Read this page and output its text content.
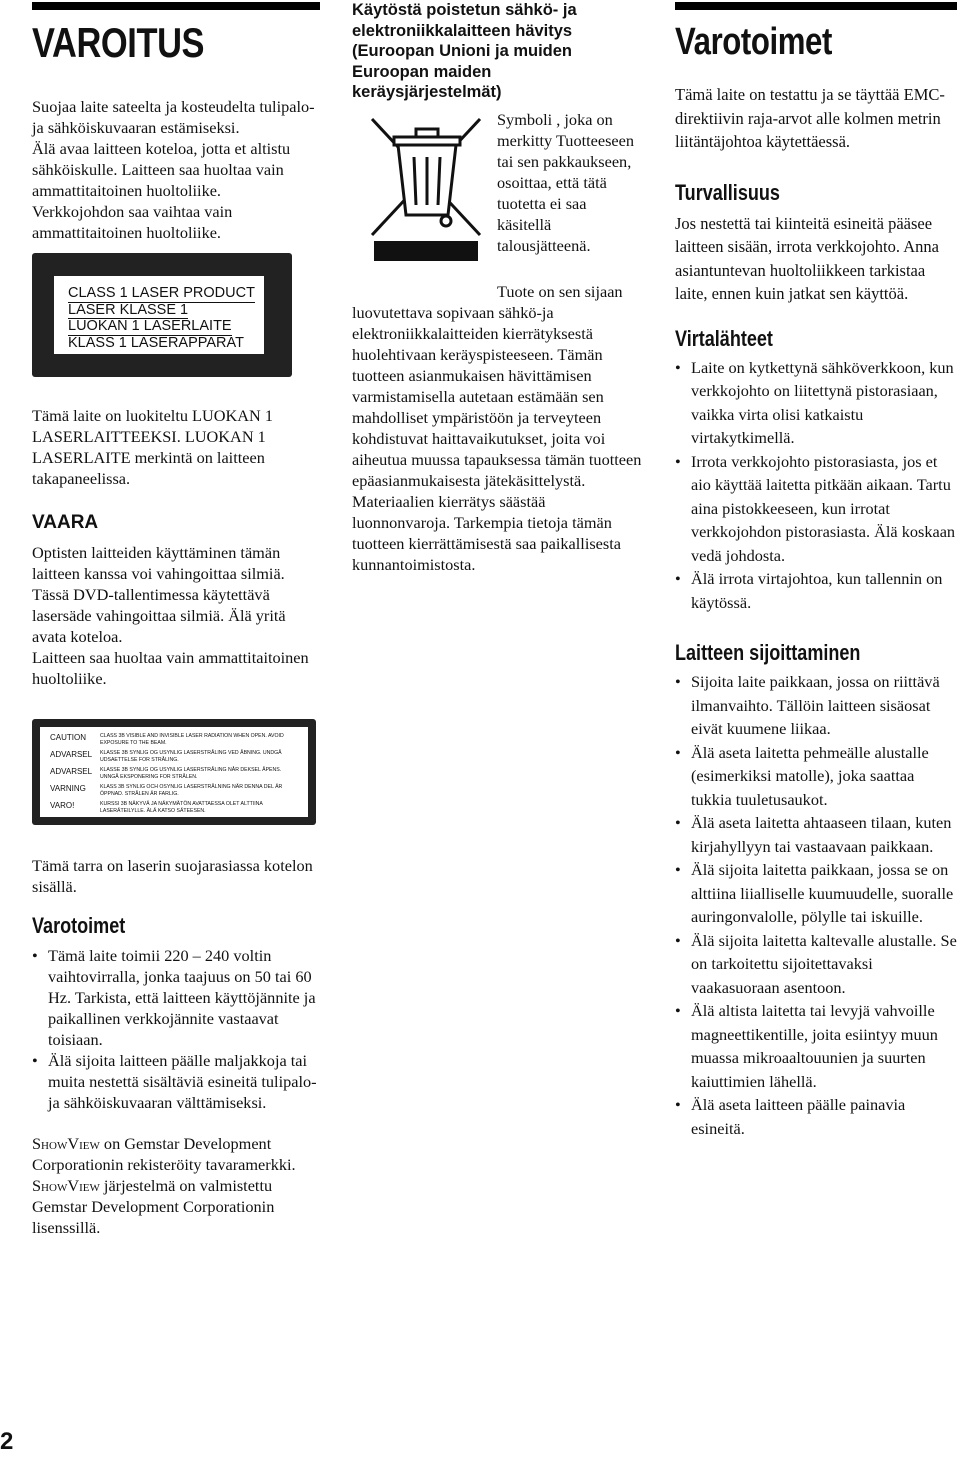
VAROITUS

Suojaa laite sateelta ja kosteudelta tulipalo- ja sähköiskuvaaran estämiseksi.

Älä avaa laitteen koteloa, jotta et altistu sähköiskulle. Laitteen saa huoltaa vain ammattitaitoinen huoltoliike.

Verkkojohdon saa vaihtaa vain ammattitaitoinen huoltoliike.

CLASS 1 LASER PRODUCT
LASER KLASSE 1
LUOKAN 1 LASERLAITE
KLASS 1 LASERAPPARAT

Tämä laite on luokiteltu LUOKAN 1 LASERLAITTEEKSI. LUOKAN 1 LASERLAITE merkintä on laitteen takapaneelissa.

VAARA

Optisten laitteiden käyttäminen tämän laitteen kanssa voi vahingoittaa silmiä. Tässä DVD-tallentimessa käytettävä lasersäde vahingoittaa silmiä. Älä yritä avata koteloa.

Laitteen saa huoltaa vain ammattitaitoinen huoltoliike.

CAUTION	CLASS 3B VISIBLE AND INVISIBLE LASER RADIATION WHEN OPEN. AVOID EXPOSURE TO THE BEAM.
ADVARSEL KLASSE 3B SYNLIG OG USYNLIG LASERSTRÅLING VED ÅBNING. UNDGÅ UDSAETTELSE FOR STRÅLING.
ADVARSEL KLASSE 3B SYNLIG OG USYNLIG LASERSTRÅLING NÅR DEKSEL ÅPENS. UNNGÅ EKSPONERING FOR STRÅLEN.
VARNING	KLASS 3B SYNLIG OCH OSYNLIG LASERSTRÅLNING NÄR DENNA DEL ÄR ÖPPNAD. STRÅLEN ÄR FARLIG.
VARO!	KURSSI 3B NÄKYVÄ JA NÄKYMÄTÖN AVATTAESSA OLET ALTTIINA LASERÄTEILYLLE. ÄLÄ KATSO SÄTEESEN.

Tämä tarra on laserin suojarasiassa kotelon sisällä.

Varotoimet
• Tämä laite toimii 220 – 240 voltin vaihtovirralla, jonka taajuus on 50 tai 60 Hz. Tarkista, että laitteen käyttöjännite ja paikallinen verkkojännite vastaavat toisiaan.
• Älä sijoita laitteen päälle maljakkoja tai muita nestettä sisältäviä esineitä tulipalo- ja sähköiskuvaaran välttämiseksi.

ShowView on Gemstar Development Corporationin rekisteröity tavaramerkki. ShowView järjestelmä on valmistettu Gemstar Development Corporationin lisenssillä.

Käytöstä poistetun sähkö- ja elektroniikkalaitteen hävitys (Euroopan Unioni ja muiden Euroopan maiden keräysjärjestelmät)

Symboli , joka on merkitty Tuotteeseen tai sen pakkaukseen, osoittaa, että tätä tuotetta ei saa käsitellä talousjätteenä.

Tuote on sen sijaan

luovutettava sopivaan sähkö-ja elektroniikkalaitteiden kierrätyksestä huolehtivaan keräyspisteeseen. Tämän tuotteen asianmukaisen hävittämisen varmistamisella autetaan estämään sen mahdolliset ympäristöön ja terveyteen kohdistuvat haittavaikutukset, joita voi aiheutua muussa tapauksessa tämän tuotteen epäasianmukaisesta jätekäsittelystä. Materiaalien kierrätys säästää luonnonvaroja. Tarkempia tietoja tämän tuotteen kierrättämisestä saa paikallisesta kunnantoimistosta.

Varotoimet

Tämä laite on testattu ja se täyttää EMC-direktiivin raja-arvot alle kolmen metrin liitäntäjohtoa käytettäessä.

Turvallisuus

Jos nestettä tai kiinteitä esineitä pääsee laitteen sisään, irrota verkkojohto. Anna asiantuntevan huoltoliikkeen tarkistaa laite, ennen kuin jatkat sen käyttöä.

Virtalähteet
• Laite on kytkettynä sähköverkkoon, kun verkkojohto on liitettynä pistorasiaan, vaikka virta olisi katkaistu virtakytkimellä.
• Irrota verkkojohto pistorasiasta, jos et aio käyttää laitetta pitkään aikaan. Tartu aina pistokkeeseen, kun irrotat verkkojohdon pistorasiasta. Älä koskaan vedä johdosta.
• Älä irrota virtajohtoa, kun tallennin on käytössä.
Laitteen sijoittaminen
• Sijoita laite paikkaan, jossa on riittävä ilmanvaihto. Tällöin laitteen sisäosat eivät kuumene liikaa.
• Älä aseta laitetta pehmeälle alustalle (esimerkiksi matolle), joka saattaa tukkia tuuletusaukot.
• Älä aseta laitetta ahtaaseen tilaan, kuten kirjahyllyyn tai vastaavaan paikkaan.
• Älä sijoita laitetta paikkaan, jossa se on alttiina liialliselle kuumuudelle, suoralle auringonvalolle, pölylle tai iskuille.
• Älä sijoita laitetta kaltevalle alustalle. Se on tarkoitettu sijoitettavaksi vaakasuoraan asentoon.
• Älä altista laitetta tai levyjä vahvoille magneettikentille, joita esiintyy muun muassa mikroaaltouunien ja suurten kaiuttimien lähellä.
• Älä aseta laitteen päälle painavia esineitä.
2
